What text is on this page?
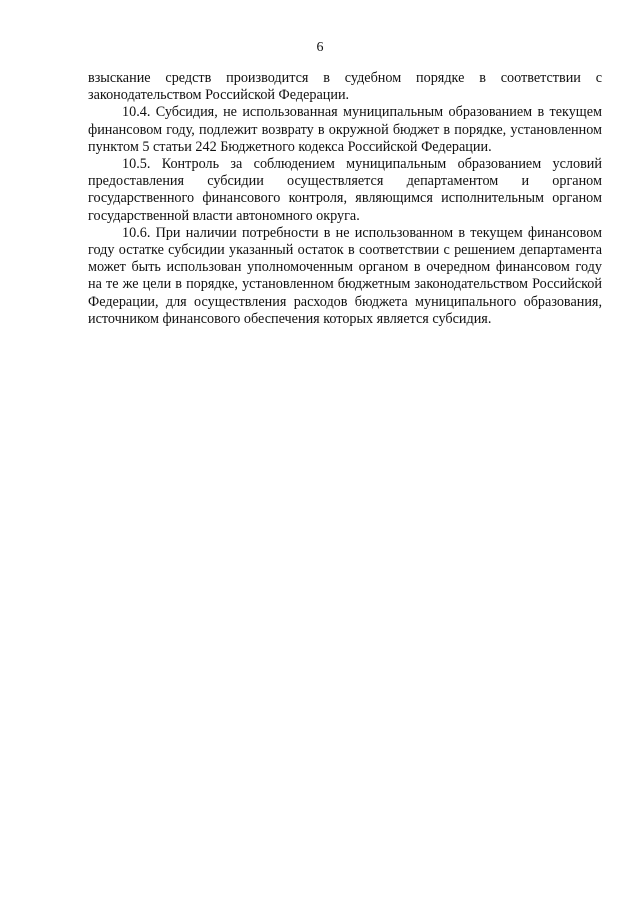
6

взыскание средств производится в судебном порядке в соответствии с законодательством Российской Федерации.

10.4. Субсидия, не использованная муниципальным образованием в текущем финансовом году, подлежит возврату в окружной бюджет в порядке, установленном пунктом 5 статьи 242 Бюджетного кодекса Российской Федерации.

10.5. Контроль за соблюдением муниципальным образованием условий предоставления субсидии осуществляется департаментом и органом государственного финансового контроля, являющимся исполнительным органом государственной власти автономного округа.

10.6. При наличии потребности в не использованном в текущем финансовом году остатке субсидии указанный остаток в соответствии с решением департамента может быть использован уполномоченным органом в очередном финансовом году на те же цели в порядке, установленном бюджетным законодательством Российской Федерации, для осуществления расходов бюджета муниципального образования, источником финансового обеспечения которых является субсидия.
